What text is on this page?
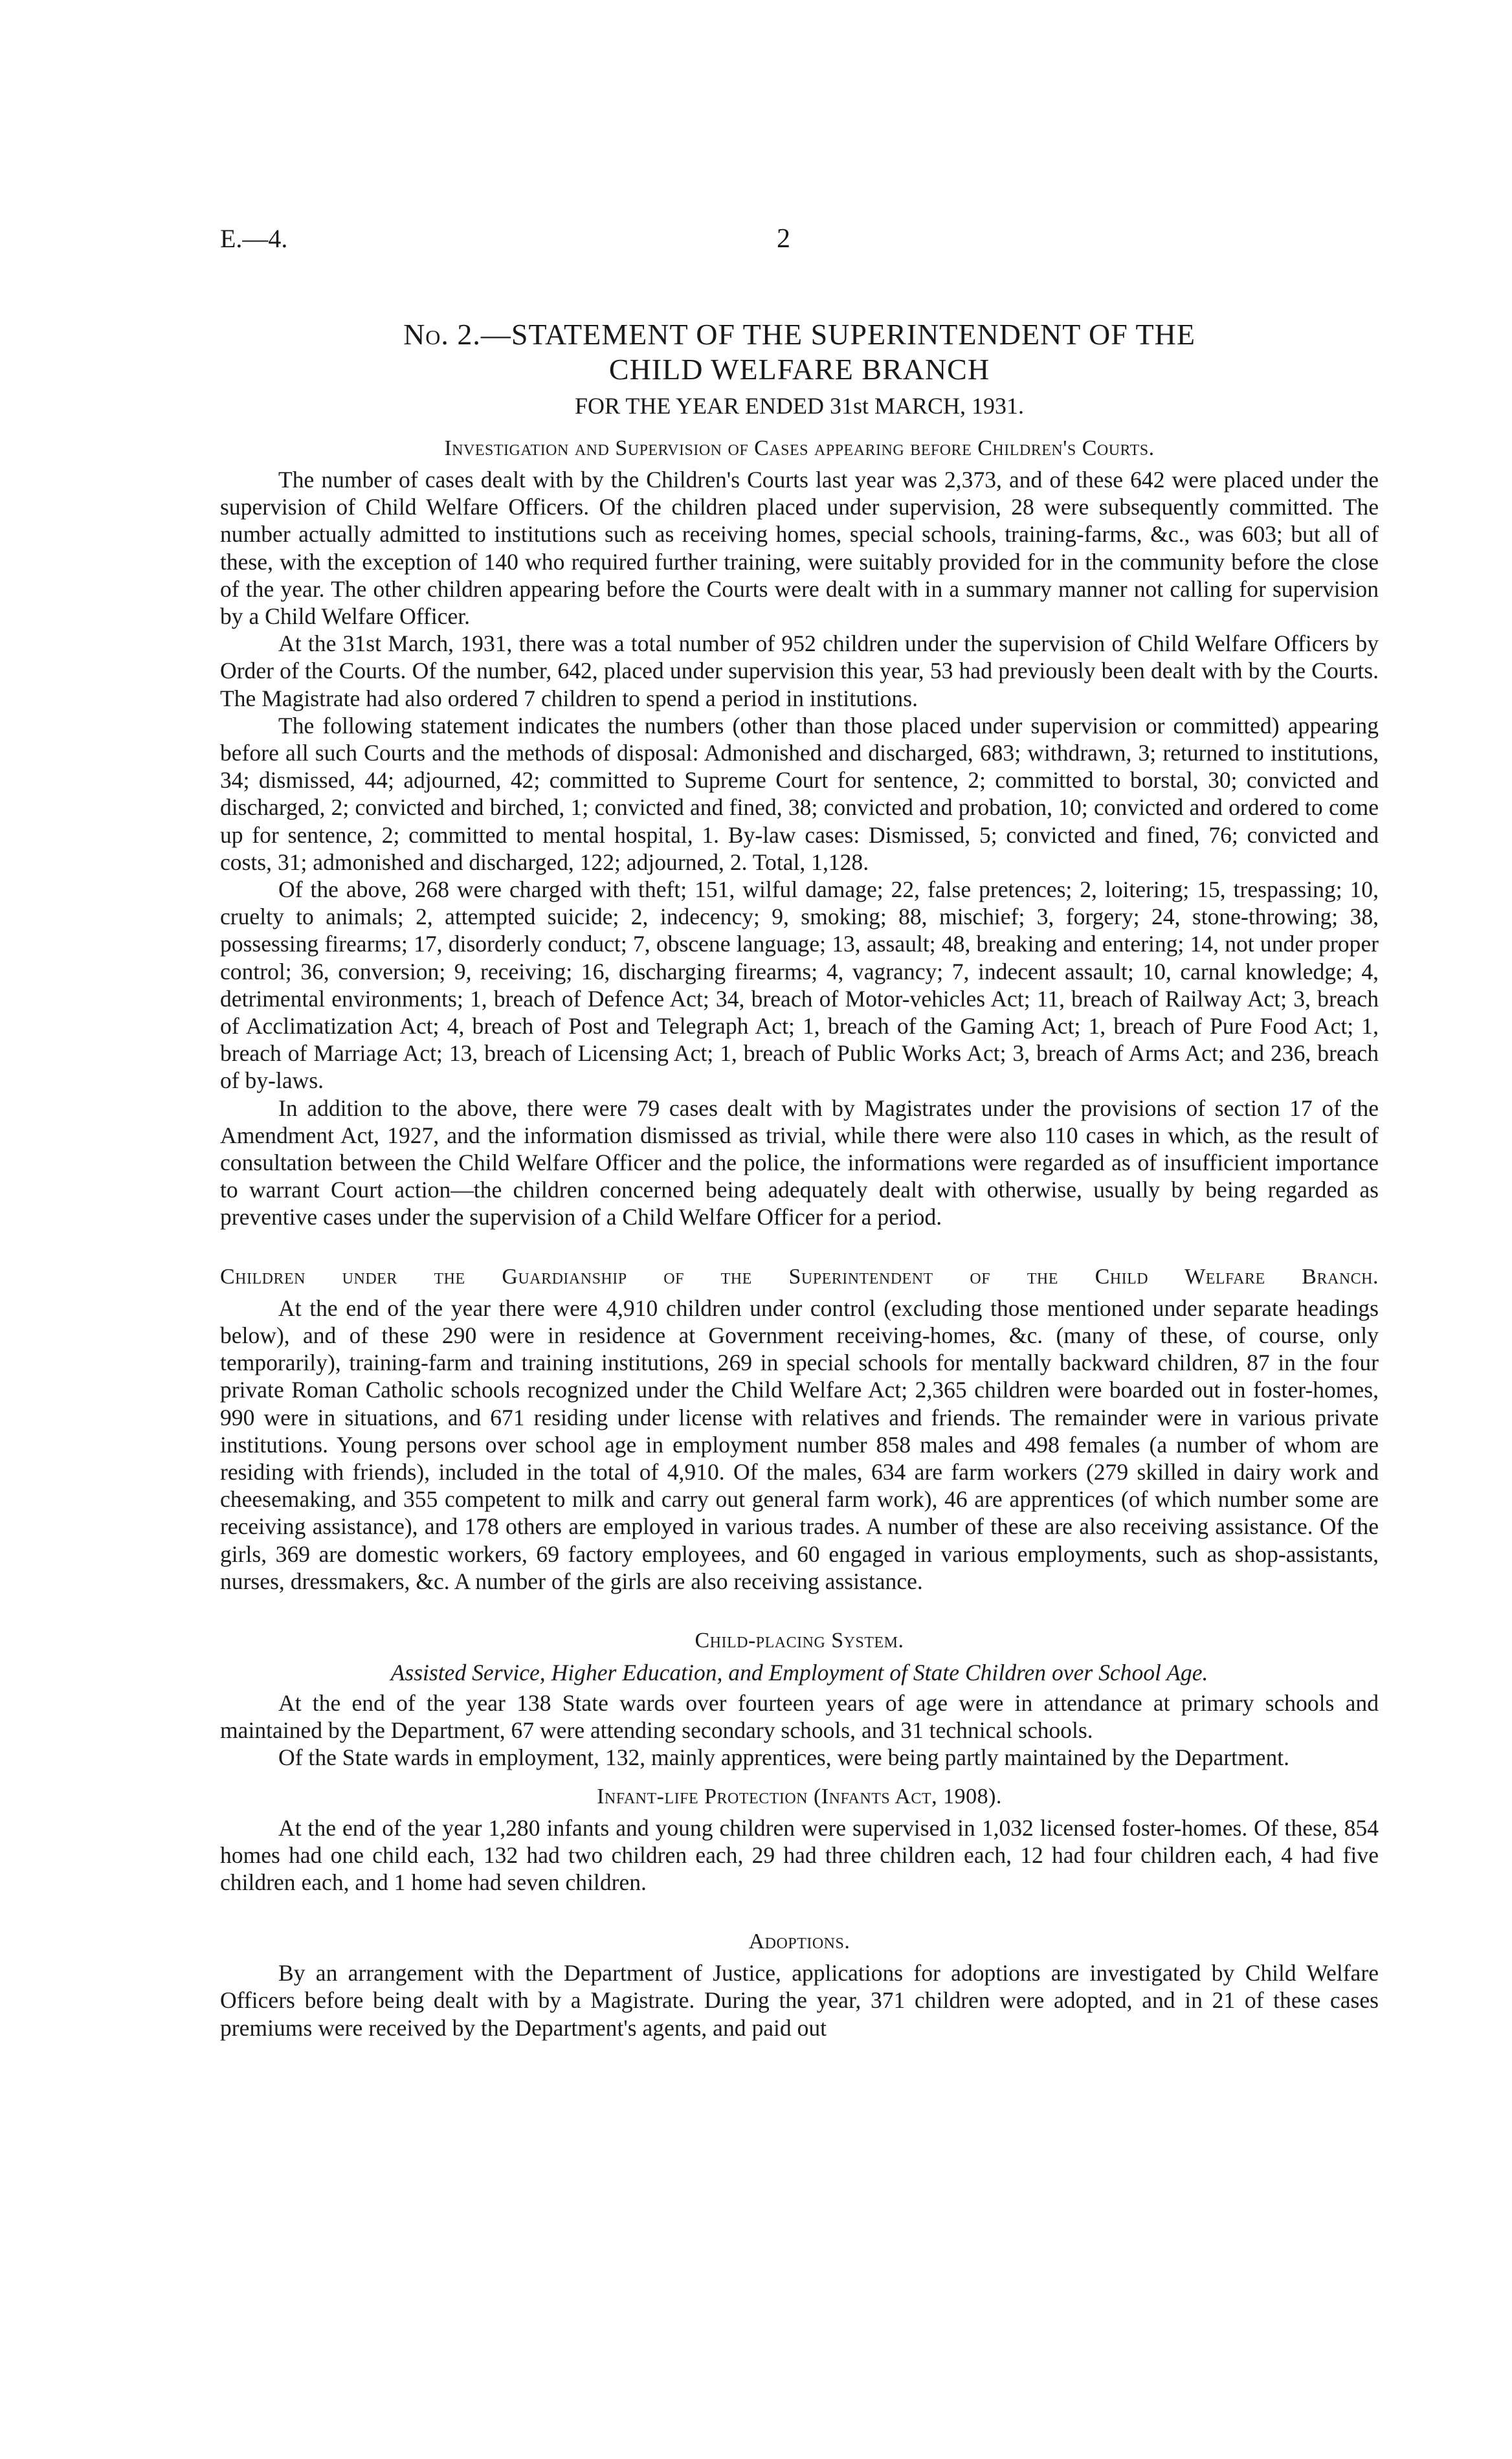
E.—4.	2
No. 2.—STATEMENT OF THE SUPERINTENDENT OF THE
CHILD WELFARE BRANCH
FOR THE YEAR ENDED 31st MARCH, 1931.
Investigation and Supervision of Cases appearing before Children's Courts.

The number of cases dealt with by the Children's Courts last year was 2,373, and of these 642 were placed under the supervision of Child Welfare Officers. Of the children placed under supervision, 28 were subsequently committed. The number actually admitted to institutions such as receiving homes, special schools, training-farms, &c., was 603; but all of these, with the exception of 140 who required further training, were suitably provided for in the community before the close of the year. The other children appearing before the Courts were dealt with in a summary manner not calling for supervision by a Child Welfare Officer.

At the 31st March, 1931, there was a total number of 952 children under the supervision of Child Welfare Officers by Order of the Courts. Of the number, 642, placed under supervision this year, 53 had previously been dealt with by the Courts. The Magistrate had also ordered 7 children to spend a period in institutions.

The following statement indicates the numbers (other than those placed under supervision or committed) appearing before all such Courts and the methods of disposal: Admonished and discharged, 683; withdrawn, 3; returned to institutions, 34; dismissed, 44; adjourned, 42; committed to Supreme Court for sentence, 2; committed to borstal, 30; convicted and discharged, 2; convicted and birched, 1; convicted and fined, 38; convicted and probation, 10; convicted and ordered to come up for sentence, 2; committed to mental hospital, 1. By-law cases: Dismissed, 5; convicted and fined, 76; convicted and costs, 31; admonished and discharged, 122; adjourned, 2. Total, 1,128.

Of the above, 268 were charged with theft; 151, wilful damage; 22, false pretences; 2, loitering; 15, trespassing; 10, cruelty to animals; 2, attempted suicide; 2, indecency; 9, smoking; 88, mischief; 3, forgery; 24, stone-throwing; 38, possessing firearms; 17, disorderly conduct; 7, obscene language; 13, assault; 48, breaking and entering; 14, not under proper control; 36, conversion; 9, receiving; 16, discharging firearms; 4, vagrancy; 7, indecent assault; 10, carnal knowledge; 4, detrimental environments; 1, breach of Defence Act; 34, breach of Motor-vehicles Act; 11, breach of Railway Act; 3, breach of Acclimatization Act; 4, breach of Post and Telegraph Act; 1, breach of the Gaming Act; 1, breach of Pure Food Act; 1, breach of Marriage Act; 13, breach of Licensing Act; 1, breach of Public Works Act; 3, breach of Arms Act; and 236, breach of by-laws.

In addition to the above, there were 79 cases dealt with by Magistrates under the provisions of section 17 of the Amendment Act, 1927, and the information dismissed as trivial, while there were also 110 cases in which, as the result of consultation between the Child Welfare Officer and the police, the informations were regarded as of insufficient importance to warrant Court action—the children concerned being adequately dealt with otherwise, usually by being regarded as preventive cases under the supervision of a Child Welfare Officer for a period.

Children under the Guardianship of the Superintendent of the Child Welfare Branch.

At the end of the year there were 4,910 children under control (excluding those mentioned under separate headings below), and of these 290 were in residence at Government receiving-homes, &c. (many of these, of course, only temporarily), training-farm and training institutions, 269 in special schools for mentally backward children, 87 in the four private Roman Catholic schools recognized under the Child Welfare Act; 2,365 children were boarded out in foster-homes, 990 were in situations, and 671 residing under license with relatives and friends. The remainder were in various private institutions. Young persons over school age in employment number 858 males and 498 females (a number of whom are residing with friends), included in the total of 4,910. Of the males, 634 are farm workers (279 skilled in dairy work and cheesemaking, and 355 competent to milk and carry out general farm work), 46 are apprentices (of which number some are receiving assistance), and 178 others are employed in various trades. A number of these are also receiving assistance. Of the girls, 369 are domestic workers, 69 factory employees, and 60 engaged in various employments, such as shop-assistants, nurses, dressmakers, &c. A number of the girls are also receiving assistance.

Child-placing System.
Assisted Service, Higher Education, and Employment of State Children over School Age.

At the end of the year 138 State wards over fourteen years of age were in attendance at primary schools and maintained by the Department, 67 were attending secondary schools, and 31 technical schools.

Of the State wards in employment, 132, mainly apprentices, were being partly maintained by the Department.

Infant-life Protection (Infants Act, 1908).

At the end of the year 1,280 infants and young children were supervised in 1,032 licensed foster-homes. Of these, 854 homes had one child each, 132 had two children each, 29 had three children each, 12 had four children each, 4 had five children each, and 1 home had seven children.

Adoptions.

By an arrangement with the Department of Justice, applications for adoptions are investigated by Child Welfare Officers before being dealt with by a Magistrate. During the year, 371 children were adopted, and in 21 of these cases premiums were received by the Department's agents, and paid out
